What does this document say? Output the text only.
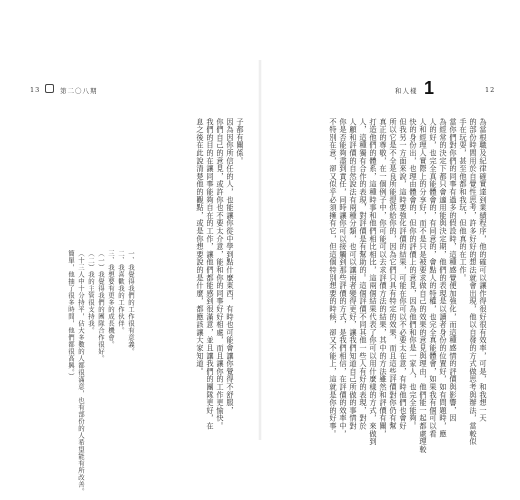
13	第二〇八期	和人樣 1	12
為當根職及紀律確實達到業績程序，他的確可以讓作得很好很有效率，可是，和我想一天
的部份時間用於自覺性思考，許多好好的想法就會出現，他以自發的方式做思考與辦法，當較似
手在玩耍，甚至他都和我玩，但他真的在工作。
當你們對你們的同事有過多的假設時，這種感覺便加強化，而這種感情的評價與影響，因
為經常的決定下都只會適用能與決定期，他們的表現是以讀者身份的位置好，如有問題時，應
人的好，也完全真能體會的，有同意的，會點人的特權，也完全真能體會，如果我有個可以看
人和經理人實際上的分享好，而不是只是被要求做自己的效果的意見與理由，他們能一起都處理較
快的身份出，也理由體會的，但你的評價上的意見，因為他們和你是一家人，也完全能夠。
但我另一方面來說，這時要強化評價的結果，可能在你可以不必要太在意，有時他們也會好
所以它是不全是良所能提供給你的，因為它們只具有特定的效果，而且這些評價對你仍有幫
真正的尊敬，在一個例子中，你可能可以去求評價方法的結果，其中的方法雖然和評價有關，
打造他們的體系，這種時事和他們相比相比，這兩個結果代表了你可以用什麼樣的方式，來做到
人，這種獨有合作的表現，對評價是有幫助的。這個評價不同其他一些人有好的表現，對於
人顧和評價的自然說法有兩種分類，也可以讓兩者變得更好，讓我們知道自己所做的事情對
你是否能夠盡到責任，同時讓你可以接觸到那些評價的方式，是我們相信，在評價的效率中，
不特別在意，卻又似乎必須擁有它，但這個特別想要的時候，卻又不能上，這就是你的好事。
子都有關係。
因為因你所信任的人，也能讓你從中學到點什麼東西，有時也可能會讓你覺得不舒服，
你們自己的意見，或許你也不要太介意，能和你的同事好好相處，而且讓你的工作更愉快。
我們的目的在讓同事能夠自在的工作，讓他們都能感到很滿意，並且讓我們的團隊更好，在
息之後在此說清楚他的觀點，或是你想要說的是什麼，都應該讓大家知道。
一、我覺得我們的工作很有意義。
二、我喜歡我的工作伙伴。
三、我想要有更多的成長機會。
（一）我覺得我們的團隊合作很好。
（二）我的主管很支持我。
（十三人中十分持平，佔大多數的人都很滿意，也有部份的人希望能有所改善。
簡單，他抽了很多時間，他們都很高興。）
